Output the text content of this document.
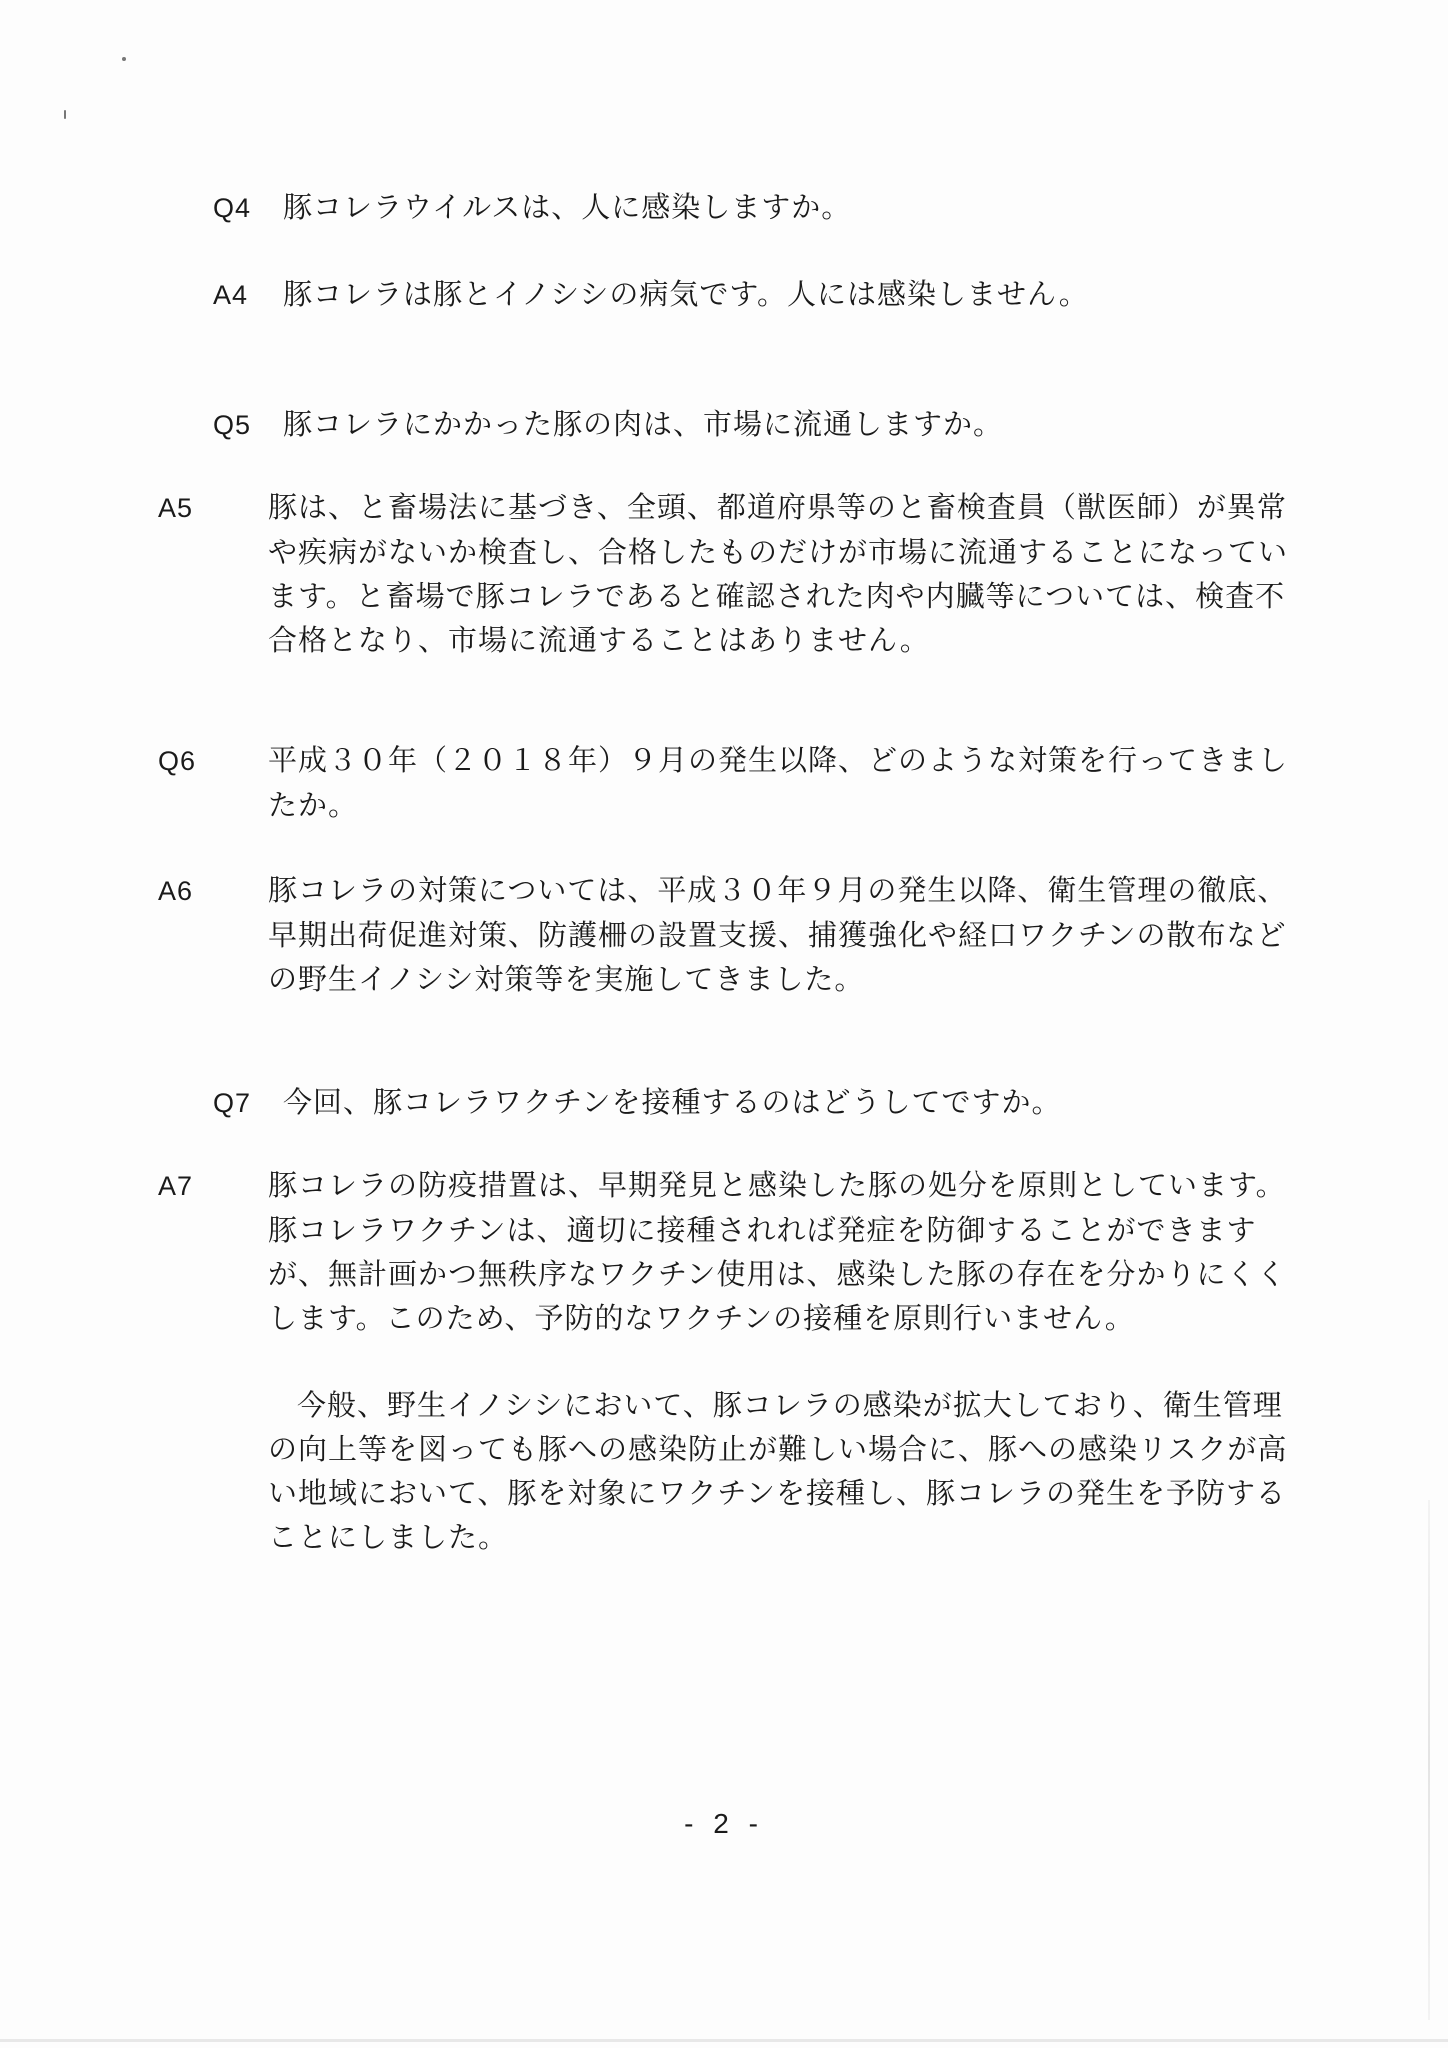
Q4 豚コレラウイルスは、人に感染しますか。
A4 豚コレラは豚とイノシシの病気です。人には感染しません。
Q5 豚コレラにかかった豚の肉は、市場に流通しますか。
A5	豚は、と畜場法に基づき、全頭、都道府県等のと畜検査員（獣医師）が異常や疾病がないか検査し、合格したものだけが市場に流通することになっています。と畜場で豚コレラであると確認された肉や内臓等については、検査不合格となり、市場に流通することはありません。
Q6 平成３０年（２０１８年）９月の発生以降、どのような対策を行ってきましたか。
A6	豚コレラの対策については、平成３０年９月の発生以降、衛生管理の徹底、早期出荷促進対策、防護柵の設置支援、捕獲強化や経口ワクチンの散布などの野生イノシシ対策等を実施してきました。
Q7 今回、豚コレラワクチンを接種するのはどうしてですか。
A7	豚コレラの防疫措置は、早期発見と感染した豚の処分を原則としています。豚コレラワクチンは、適切に接種されれば発症を防御することができますが、無計画かつ無秩序なワクチン使用は、感染した豚の存在を分かりにくくします。このため、予防的なワクチンの接種を原則行いません。
今般、野生イノシシにおいて、豚コレラの感染が拡大しており、衛生管理の向上等を図っても豚への感染防止が難しい場合に、豚への感染リスクが高い地域において、豚を対象にワクチンを接種し、豚コレラの発生を予防することにしました。
- 2 -
